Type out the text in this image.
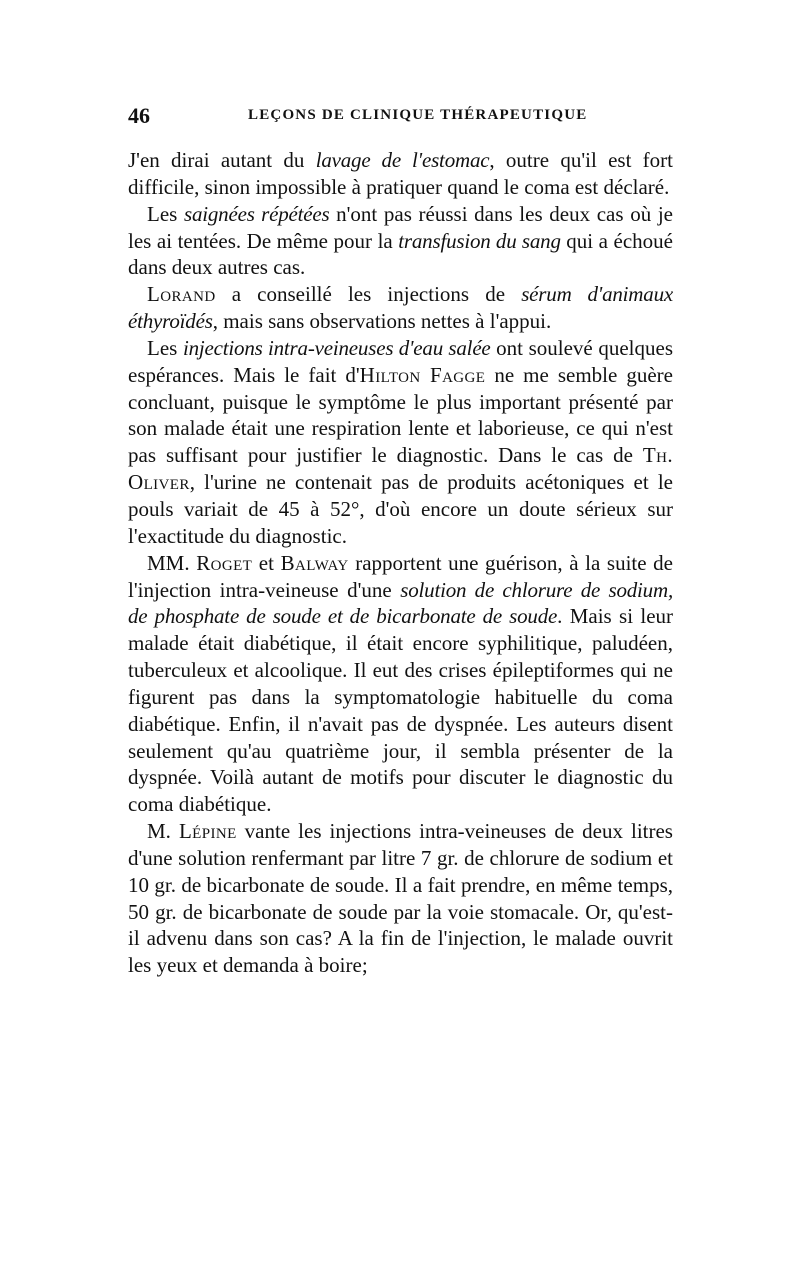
46	LEÇONS DE CLINIQUE THÉRAPEUTIQUE

J'en dirai autant du lavage de l'estomac, outre qu'il est fort difficile, sinon impossible à pratiquer quand le coma est déclaré.

Les saignées répétées n'ont pas réussi dans les deux cas où je les ai tentées. De même pour la transfusion du sang qui a échoué dans deux autres cas.

Lorand a conseillé les injections de sérum d'animaux éthyroïdés, mais sans observations nettes à l'appui.

Les injections intra-veineuses d'eau salée ont soulevé quelques espérances. Mais le fait d'Hilton Fagge ne me semble guère concluant, puisque le symptôme le plus important présenté par son malade était une respiration lente et laborieuse, ce qui n'est pas suffisant pour justifier le diagnostic. Dans le cas de Th. Oliver, l'urine ne contenait pas de produits acétoniques et le pouls variait de 45 à 52°, d'où encore un doute sérieux sur l'exactitude du diagnostic.

MM. Roget et Balway rapportent une guérison, à la suite de l'injection intra-veineuse d'une solution de chlorure de sodium, de phosphate de soude et de bicarbonate de soude. Mais si leur malade était diabétique, il était encore syphilitique, paludéen, tuberculeux et alcoolique. Il eut des crises épileptiformes qui ne figurent pas dans la symptomatologie habituelle du coma diabétique. Enfin, il n'avait pas de dyspnée. Les auteurs disent seulement qu'au quatrième jour, il sembla présenter de la dyspnée. Voilà autant de motifs pour discuter le diagnostic du coma diabétique.

M. Lépine vante les injections intra-veineuses de deux litres d'une solution renfermant par litre 7 gr. de chlorure de sodium et 10 gr. de bicarbonate de soude. Il a fait prendre, en même temps, 50 gr. de bicarbonate de soude par la voie stomacale. Or, qu'est-il advenu dans son cas? A la fin de l'injection, le malade ouvrit les yeux et demanda à boire;
